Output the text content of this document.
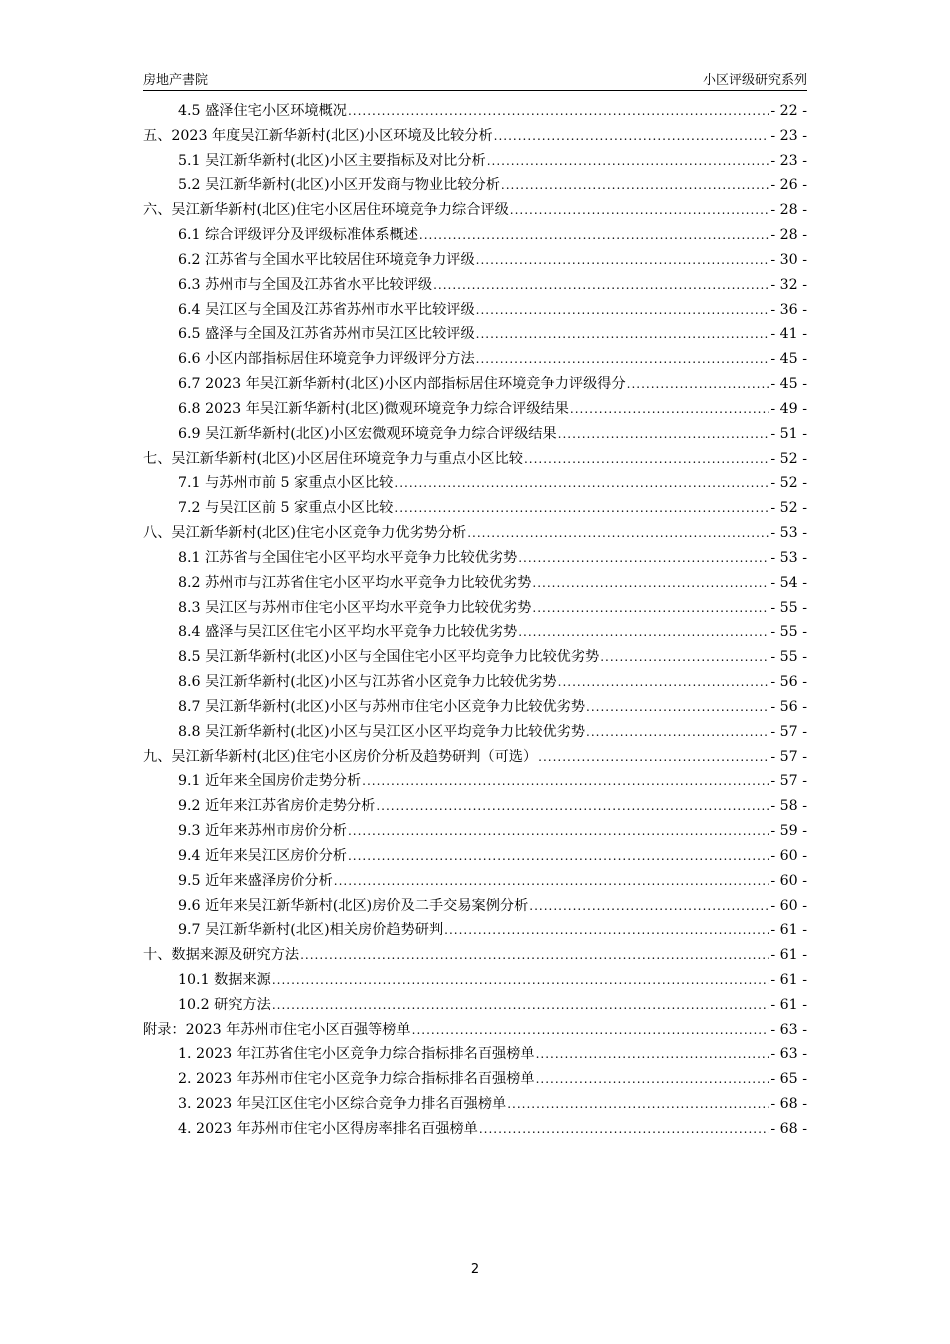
房地产書院	小区评级研究系列
4.5 盛泽住宅小区环境概况 .....	- 22 -
五、2023 年度吴江新华新村(北区)小区环境及比较分析 .....	- 23 -
5.1 吴江新华新村(北区)小区主要指标及对比分析 .....	- 23 -
5.2 吴江新华新村(北区)小区开发商与物业比较分析 .....	- 26 -
六、吴江新华新村(北区)住宅小区居住环境竞争力综合评级 .....	- 28 -
6.1 综合评级评分及评级标准体系概述 .....	- 28 -
6.2 江苏省与全国水平比较居住环境竞争力评级 .....	- 30 -
6.3 苏州市与全国及江苏省水平比较评级 .....	- 32 -
6.4 吴江区与全国及江苏省苏州市水平比较评级 .....	- 36 -
6.5 盛泽与全国及江苏省苏州市吴江区比较评级 .....	- 41 -
6.6 小区内部指标居住环境竞争力评级评分方法 .....	- 45 -
6.7 2023 年吴江新华新村(北区)小区内部指标居住环境竞争力评级得分 .....	- 45 -
6.8 2023 年吴江新华新村(北区)微观环境竞争力综合评级结果 .....	- 49 -
6.9 吴江新华新村(北区)小区宏微观环境竞争力综合评级结果 .....	- 51 -
七、吴江新华新村(北区)小区居住环境竞争力与重点小区比较 .....	- 52 -
7.1 与苏州市前 5 家重点小区比较 .....	- 52 -
7.2 与吴江区前 5 家重点小区比较 .....	- 52 -
八、吴江新华新村(北区)住宅小区竞争力优劣势分析 .....	- 53 -
8.1 江苏省与全国住宅小区平均水平竞争力比较优劣势 .....	- 53 -
8.2 苏州市与江苏省住宅小区平均水平竞争力比较优劣势 .....	- 54 -
8.3 吴江区与苏州市住宅小区平均水平竞争力比较优劣势 .....	- 55 -
8.4 盛泽与吴江区住宅小区平均水平竞争力比较优劣势 .....	- 55 -
8.5 吴江新华新村(北区)小区与全国住宅小区平均竞争力比较优劣势 .....	- 55 -
8.6 吴江新华新村(北区)小区与江苏省小区竞争力比较优劣势 .....	- 56 -
8.7 吴江新华新村(北区)小区与苏州市住宅小区竞争力比较优劣势 .....	- 56 -
8.8 吴江新华新村(北区)小区与吴江区小区平均竞争力比较优劣势 .....	- 57 -
九、吴江新华新村(北区)住宅小区房价分析及趋势研判（可选） .....	- 57 -
9.1 近年来全国房价走势分析 .....	- 57 -
9.2 近年来江苏省房价走势分析 .....	- 58 -
9.3 近年来苏州市房价分析 .....	- 59 -
9.4 近年来吴江区房价分析 .....	- 60 -
9.5 近年来盛泽房价分析 .....	- 60 -
9.6 近年来吴江新华新村(北区)房价及二手交易案例分析 .....	- 60 -
9.7 吴江新华新村(北区)相关房价趋势研判 .....	- 61 -
十、数据来源及研究方法 .....	- 61 -
10.1 数据来源 .....	- 61 -
10.2 研究方法 .....	- 61 -
附录：2023 年苏州市住宅小区百强等榜单 .....	- 63 -
1. 2023 年江苏省住宅小区竞争力综合指标排名百强榜单 .....	- 63 -
2. 2023 年苏州市住宅小区竞争力综合指标排名百强榜单 .....	- 65 -
3. 2023 年吴江区住宅小区综合竞争力排名百强榜单 .....	- 68 -
4. 2023 年苏州市住宅小区得房率排名百强榜单 .....	- 68 -
2
